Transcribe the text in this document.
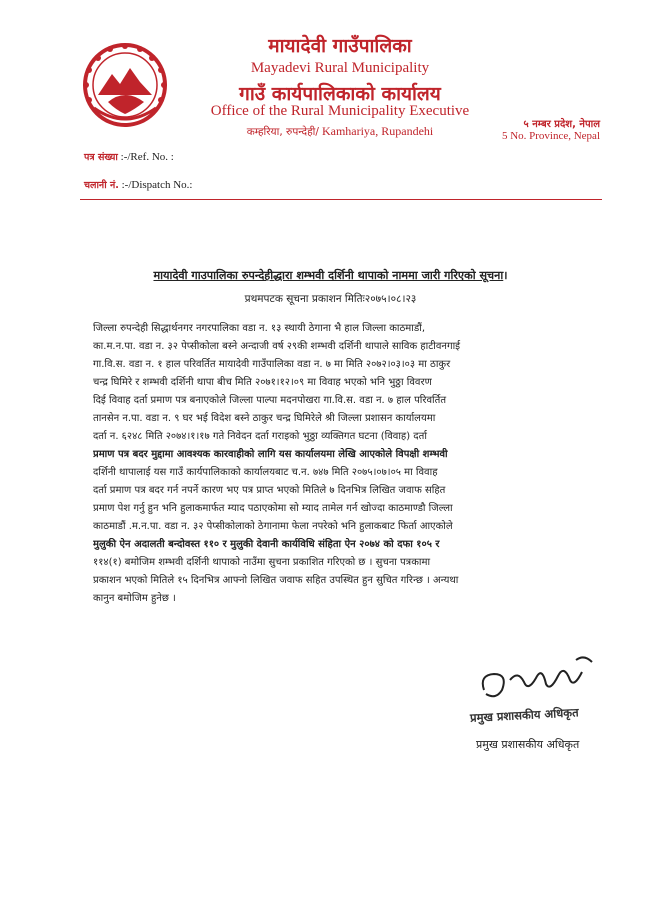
मायादेवी गाउँपालिका
Mayadevi Rural Municipality
गाउँ कार्यपालिकाको कार्यालय
Office of the Rural Municipality Executive
कम्हरिया, रुपन्देही/ Kamhariya, Rupandehi	५ नम्बर प्रदेश, नेपाल
5 No. Province, Nepal
पत्र संख्या :-/Ref. No. :
चलानी नं. :-/Dispatch No.:
मायादेवी गाउपालिका रुपन्देहीद्धारा शम्भवी दर्शिनी थापाको नाममा जारी गरिएको सूचना।
प्रथमपटक सूचना प्रकाशन मितिः२०७५।०८।२३
जिल्ला रुपन्देही सिद्धार्थनगर नगरपालिका वडा न. १३ स्थायी ठेगाना भै हाल जिल्ला काठमाडौं,
का.म.न.पा. वडा न. ३२ पेप्सीकोला बस्ने अन्दाजी वर्ष २९की शम्भवी दर्शिनी थापाले साविक हाटीवनगाई
गा.वि.स. वडा न. १ हाल परिवर्तित मायादेवी गाउँपालिका वडा न. ७ मा मिति २०७२।०३।०३ मा ठाकुर
चन्द्र घिमिरे र शम्भवी दर्शिनी थापा बीच मिति २०७१।१२।०९ मा विवाह भएको भनि भुठ्ठा विवरण
दिई विवाह दर्ता प्रमाण पत्र बनाएकोले जिल्ला पाल्पा मदनपोखरा गा.वि.स. वडा न. ७ हाल परिवर्तित
तानसेन न.पा. वडा न. ९ घर भई विदेश बस्ने ठाकुर चन्द्र घिमिरेले श्री जिल्ला प्रशासन कार्यालयमा
दर्ता न. ६२४८ मिति २०७४।१।१७ गते निवेदन दर्ता गराइको भुठ्ठा व्यक्तिगत घटना (विवाह) दर्ता
प्रमाण पत्र बदर मुद्दामा आवश्यक कारवाहीको लागि यस कार्यालयमा लेखि आएकोले विपक्षी शम्भवी
दर्शिनी थापालाई यस गाउँ कार्यपालिकाको कार्यालयबाट च.न. ७४७ मिति २०७५।०७।०५ मा विवाह
दर्ता प्रमाण पत्र बदर गर्न नपर्ने कारण भए पत्र प्राप्त भएको मितिले ७ दिनभित्र लिखित जवाफ सहित
प्रमाण पेश गर्नु हुन भनि हुलाकमार्फत म्याद पठाएकोमा सो म्याद तामेल गर्न खोज्दा काठमाण्डौ जिल्ला
काठमाडौं .म.न.पा. वडा न. ३२ पेप्सीकोलाको ठेगानामा फेला नपरेको भनि हुलाकबाट फिर्ता आएकोले
मुलुकी ऐन अदालती बन्दोवस्त ११० र मुलुकी देवानी कार्यविधि संहिता ऐन २०७४ को दफा १०५ र
११४(१) बमोजिम शम्भवी दर्शिनी थापाको नाउँमा सुचना प्रकाशित गरिएको छ । सुचना पत्रकामा
प्रकाशन भएको मितिले १५ दिनभित्र आफ्नो लिखित जवाफ सहित उपस्थित हुन सुचित गरिन्छ । अन्यथा
कानुन बमोजिम हुनेछ ।
प्रमुख प्रशासकीय अधिकृत
प्रमुख प्रशासकीय अधिकृत
